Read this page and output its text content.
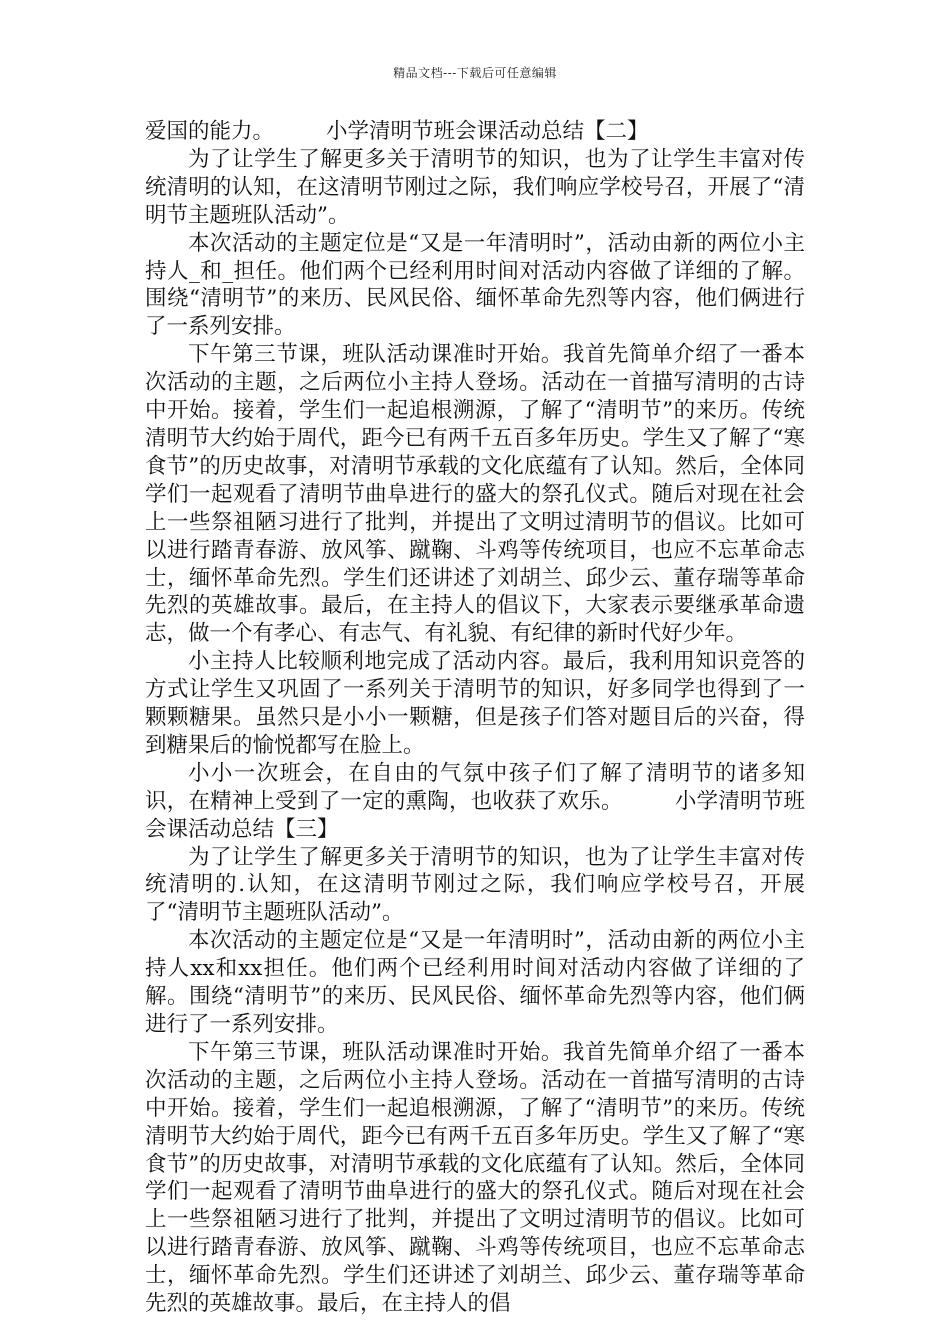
精品文档---下载后可任意编辑

爱国的能力。 小学清明节班会课活动总结【二】

为了让学生了解更多关于清明节的知识，也为了让学生丰富对传统清明的认知，在这清明节刚过之际，我们响应学校号召，开展了“清明节主题班队活动”。

本次活动的主题定位是“又是一年清明时”，活动由新的两位小主持人_和_担任。他们两个已经利用时间对活动内容做了详细的了解。围绕“清明节”的来历、民风民俗、缅怀革命先烈等内容，他们俩进行了一系列安排。

下午第三节课，班队活动课准时开始。我首先简单介绍了一番本次活动的主题，之后两位小主持人登场。活动在一首描写清明的古诗中开始。接着，学生们一起追根溯源，了解了“清明节”的来历。传统清明节大约始于周代，距今已有两千五百多年历史。学生又了解了“寒食节”的历史故事，对清明节承载的文化底蕴有了认知。然后，全体同学们一起观看了清明节曲阜进行的盛大的祭孔仪式。随后对现在社会上一些祭祖陋习进行了批判，并提出了文明过清明节的倡议。比如可以进行踏青春游、放风筝、蹴鞠、斗鸡等传统项目，也应不忘革命志士，缅怀革命先烈。学生们还讲述了刘胡兰、邱少云、董存瑞等革命先烈的英雄故事。最后，在主持人的倡议下，大家表示要继承革命遗志，做一个有孝心、有志气、有礼貌、有纪律的新时代好少年。

小主持人比较顺利地完成了活动内容。最后，我利用知识竞答的方式让学生又巩固了一系列关于清明节的知识，好多同学也得到了一颗颗糖果。虽然只是小小一颗糖，但是孩子们答对题目后的兴奋，得到糖果后的愉悦都写在脸上。

小小一次班会，在自由的气氛中孩子们了解了清明节的诸多知识，在精神上受到了一定的熏陶，也收获了欢乐。 小学清明节班会课活动总结【三】

为了让学生了解更多关于清明节的知识，也为了让学生丰富对传统清明的.认知，在这清明节刚过之际，我们响应学校号召，开展了“清明节主题班队活动”。

本次活动的主题定位是“又是一年清明时”，活动由新的两位小主持人xx和xx担任。他们两个已经利用时间对活动内容做了详细的了解。围绕“清明节”的来历、民风民俗、缅怀革命先烈等内容，他们俩进行了一系列安排。

下午第三节课，班队活动课准时开始。我首先简单介绍了一番本次活动的主题，之后两位小主持人登场。活动在一首描写清明的古诗中开始。接着，学生们一起追根溯源，了解了“清明节”的来历。传统清明节大约始于周代，距今已有两千五百多年历史。学生又了解了“寒食节”的历史故事，对清明节承载的文化底蕴有了认知。然后，全体同学们一起观看了清明节曲阜进行的盛大的祭孔仪式。随后对现在社会上一些祭祖陋习进行了批判，并提出了文明过清明节的倡议。比如可以进行踏青春游、放风筝、蹴鞠、斗鸡等传统项目，也应不忘革命志士，缅怀革命先烈。学生们还讲述了刘胡兰、邱少云、董存瑞等革命先烈的英雄故事。最后，在主持人的倡
